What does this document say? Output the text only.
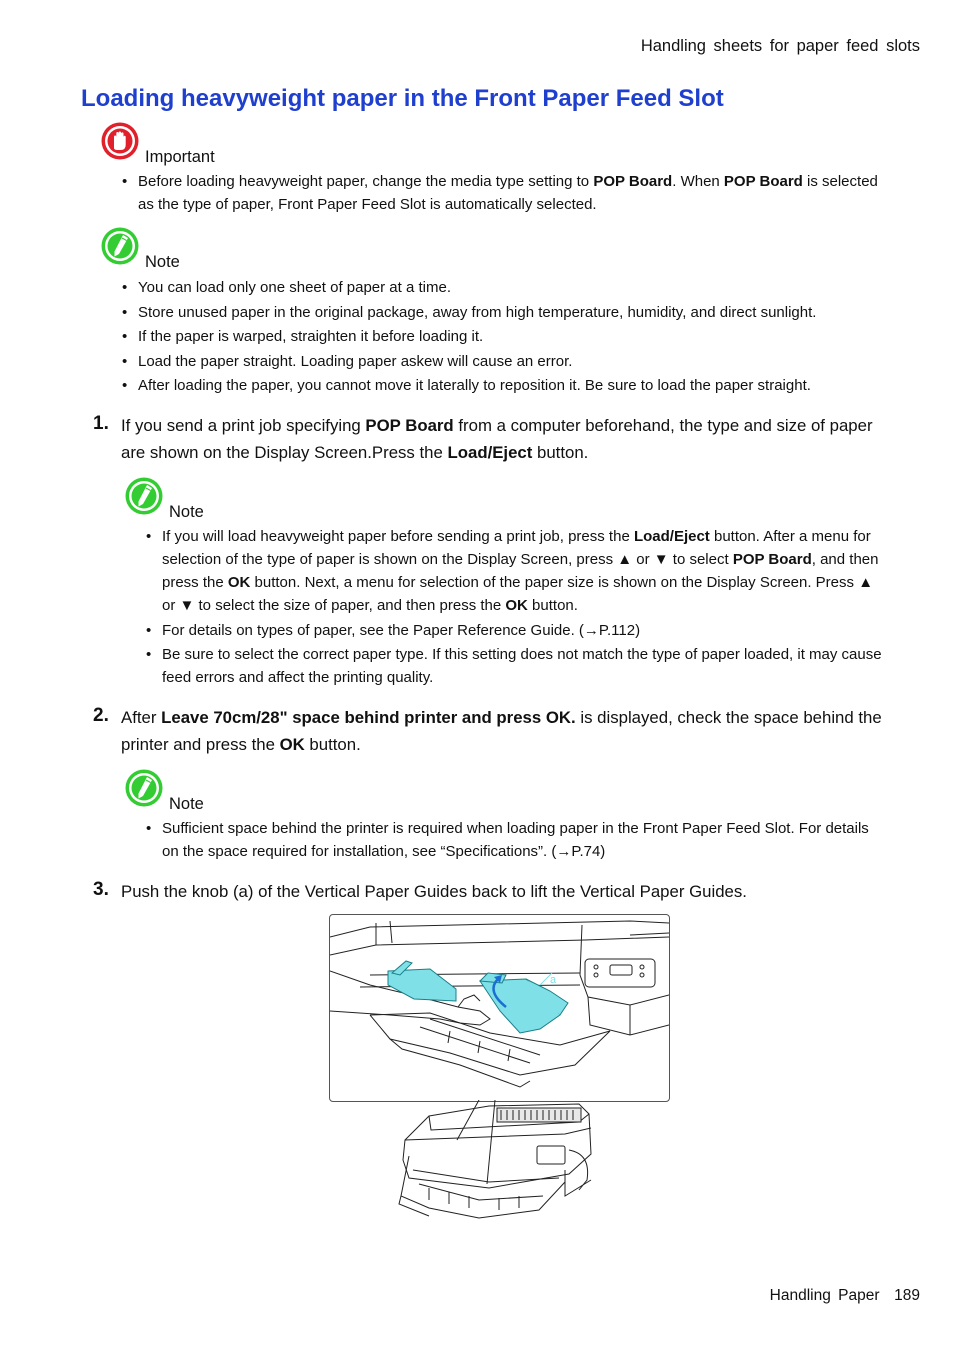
Handling sheets for paper feed slots
Loading heavyweight paper in the Front Paper Feed Slot
Important
• Before loading heavyweight paper, change the media type setting to POP Board. When POP Board is selected as the type of paper, Front Paper Feed Slot is automatically selected.
Note
• You can load only one sheet of paper at a time.
• Store unused paper in the original package, away from high temperature, humidity, and direct sunlight.
• If the paper is warped, straighten it before loading it.
• Load the paper straight. Loading paper askew will cause an error.
• After loading the paper, you cannot move it laterally to reposition it. Be sure to load the paper straight.
1. If you send a print job specifying POP Board from a computer beforehand, the type and size of paper are shown on the Display Screen.Press the Load/Eject button.
Note
• If you will load heavyweight paper before sending a print job, press the Load/Eject button. After a menu for selection of the type of paper is shown on the Display Screen, press ▲ or ▼ to select POP Board, and then press the OK button. Next, a menu for selection of the paper size is shown on the Display Screen. Press ▲ or ▼ to select the size of paper, and then press the OK button.
• For details on types of paper, see the Paper Reference Guide. (→P.112)
• Be sure to select the correct paper type. If this setting does not match the type of paper loaded, it may cause feed errors and affect the printing quality.
2. After Leave 70cm/28" space behind printer and press OK. is displayed, check the space behind the printer and press the OK button.
Note
• Sufficient space behind the printer is required when loading paper in the Front Paper Feed Slot. For details on the space required for installation, see “Specifications”. (→P.74)
3. Push the knob (a) of the Vertical Paper Guides back to lift the Vertical Paper Guides.
a
Handling Paper 189
